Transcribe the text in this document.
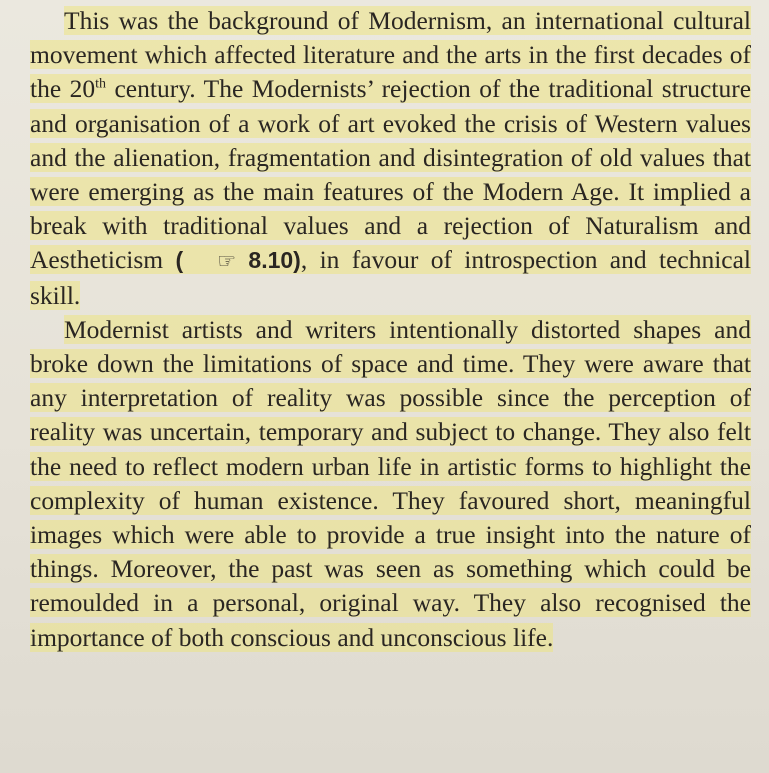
This was the background of Modernism, an international cultural movement which affected literature and the arts in the first decades of the 20th century. The Modernists’ rejection of the traditional structure and organisation of a work of art evoked the crisis of Western values and the alienation, fragmentation and disintegration of old values that were emerging as the main features of the Modern Age. It implied a break with traditional values and a rejection of Naturalism and Aestheticism ( ☞ 8.10), in favour of introspection and technical skill.

Modernist artists and writers intentionally distorted shapes and broke down the limitations of space and time. They were aware that any interpretation of reality was possible since the perception of reality was uncertain, temporary and subject to change. They also felt the need to reflect modern urban life in artistic forms to highlight the complexity of human existence. They favoured short, meaningful images which were able to provide a true insight into the nature of things. Moreover, the past was seen as something which could be remoulded in a personal, original way. They also recognised the importance of both conscious and unconscious life.
